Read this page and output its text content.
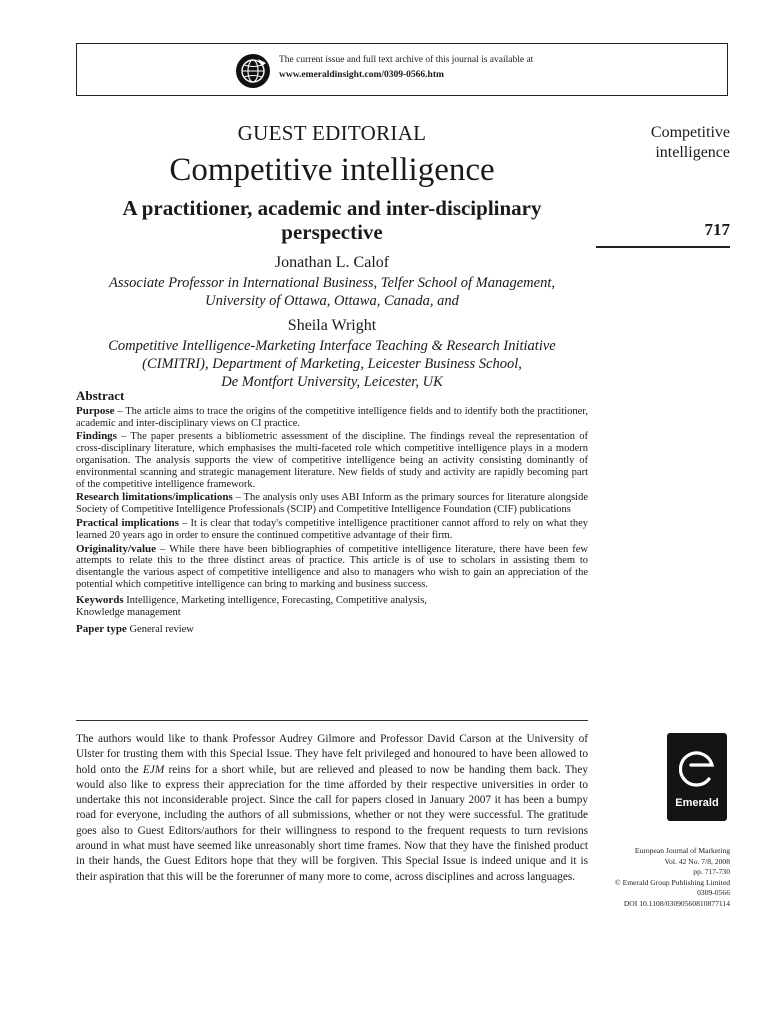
The current issue and full text archive of this journal is available at
www.emeraldinsight.com/0309-0566.htm
GUEST EDITORIAL
Competitive intelligence
A practitioner, academic and inter-disciplinary
perspective
Jonathan L. Calof
Associate Professor in International Business, Telfer School of Management,
University of Ottawa, Ottawa, Canada, and
Sheila Wright
Competitive Intelligence-Marketing Interface Teaching & Research Initiative
(CIMITRI), Department of Marketing, Leicester Business School,
De Montfort University, Leicester, UK
Abstract
Purpose – The article aims to trace the origins of the competitive intelligence fields and to identify both the practitioner, academic and inter-disciplinary views on CI practice.
Findings – The paper presents a bibliometric assessment of the discipline. The findings reveal the representation of cross-disciplinary literature, which emphasises the multi-faceted role which competitive intelligence plays in a modern organisation. The analysis supports the view of competitive intelligence being an activity consisting dominantly of environmental scanning and strategic management literature. New fields of study and activity are rapidly becoming part of the competitive intelligence framework.
Research limitations/implications – The analysis only uses ABI Inform as the primary sources for literature alongside Society of Competitive Intelligence Professionals (SCIP) and Competitive Intelligence Foundation (CIF) publications
Practical implications – It is clear that today's competitive intelligence practitioner cannot afford to rely on what they learned 20 years ago in order to ensure the continued competitive advantage of their firm.
Originality/value – While there have been bibliographies of competitive intelligence literature, there have been few attempts to relate this to the three distinct areas of practice. This article is of use to scholars in assisting them to disentangle the various aspect of competitive intelligence and also to managers who wish to gain an appreciation of the potential which competitive intelligence can bring to marking and business success.
Keywords Intelligence, Marketing intelligence, Forecasting, Competitive analysis,
Knowledge management
Paper type General review
The authors would like to thank Professor Audrey Gilmore and Professor David Carson at the University of Ulster for trusting them with this Special Issue. They have felt privileged and honoured to have been allowed to hold onto the EJM reins for a short while, but are relieved and pleased to now be handing them back. They would also like to express their appreciation for the time afforded by their respective universities in order to undertake this not inconsiderable project. Since the call for papers closed in January 2007 it has been a bumpy road for everyone, including the authors of all submissions, whether or not they were successful. The gratitude goes also to Guest Editors/authors for their willingness to respond to the frequent requests to turn revisions around in what must have seemed like unreasonably short time frames. Now that they have the finished product in their hands, the Guest Editors hope that they will be forgiven. This Special Issue is indeed unique and it is their aspiration that this will be the forerunner of many more to come, across disciplines and across languages.
Competitive
intelligence
717
Emerald
European Journal of Marketing
Vol. 42 No. 7/8, 2008
pp. 717-730
© Emerald Group Publishing Limited
0309-0566
DOI 10.1108/03090560810877114
